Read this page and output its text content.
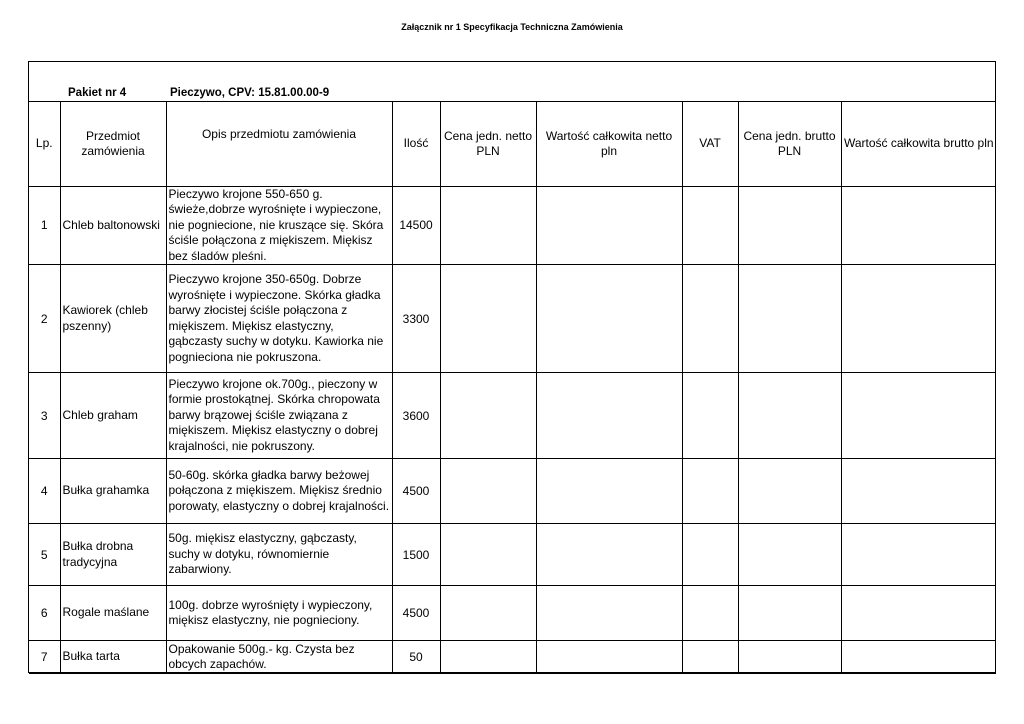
Załącznik nr 1 Specyfikacja Techniczna Zamówienia
Pakiet nr 4	Pieczywo, CPV: 15.81.00.00-9
Lp.	Przedmiot zamówienia	Opis przedmiotu zamówienia	Ilość	Cena jedn. netto PLN	Wartość całkowita netto pln	VAT	Cena jedn. brutto PLN	Wartość całkowita brutto pln
1	Chleb baltonowski	Pieczywo krojone 550-650 g. świeże,dobrze wyrośnięte i wypieczone, nie pogniecione, nie kruszące się. Skóra ściśle połączona z miękiszem. Miękisz bez śladów pleśni.	14500					
2	Kawiorek (chleb pszenny)	Pieczywo krojone 350-650g. Dobrze wyrośnięte i wypieczone. Skórka gładka barwy złocistej ściśle połączona z miękiszem. Miękisz elastyczny, gąbczasty suchy w dotyku. Kawiorka nie pognieciona nie pokruszona.	3300					
3	Chleb graham	Pieczywo krojone ok.700g., pieczony w formie prostokątnej. Skórka chropowata barwy brązowej ściśle związana z miękiszem. Miękisz elastyczny o dobrej krajalności, nie pokruszony.	3600					
4	Bułka grahamka	50-60g. skórka gładka barwy beżowej połączona z miękiszem. Miękisz średnio porowaty, elastyczny o dobrej krajalności.	4500					
5	Bułka drobna tradycyjna	50g. miękisz elastyczny, gąbczasty, suchy w dotyku, równomiernie zabarwiony.	1500					
6	Rogale maślane	100g. dobrze wyrośnięty i wypieczony, miękisz elastyczny, nie pognieciony.	4500					
7	Bułka tarta	Opakowanie 500g.- kg. Czysta bez obcych zapachów.	50					
